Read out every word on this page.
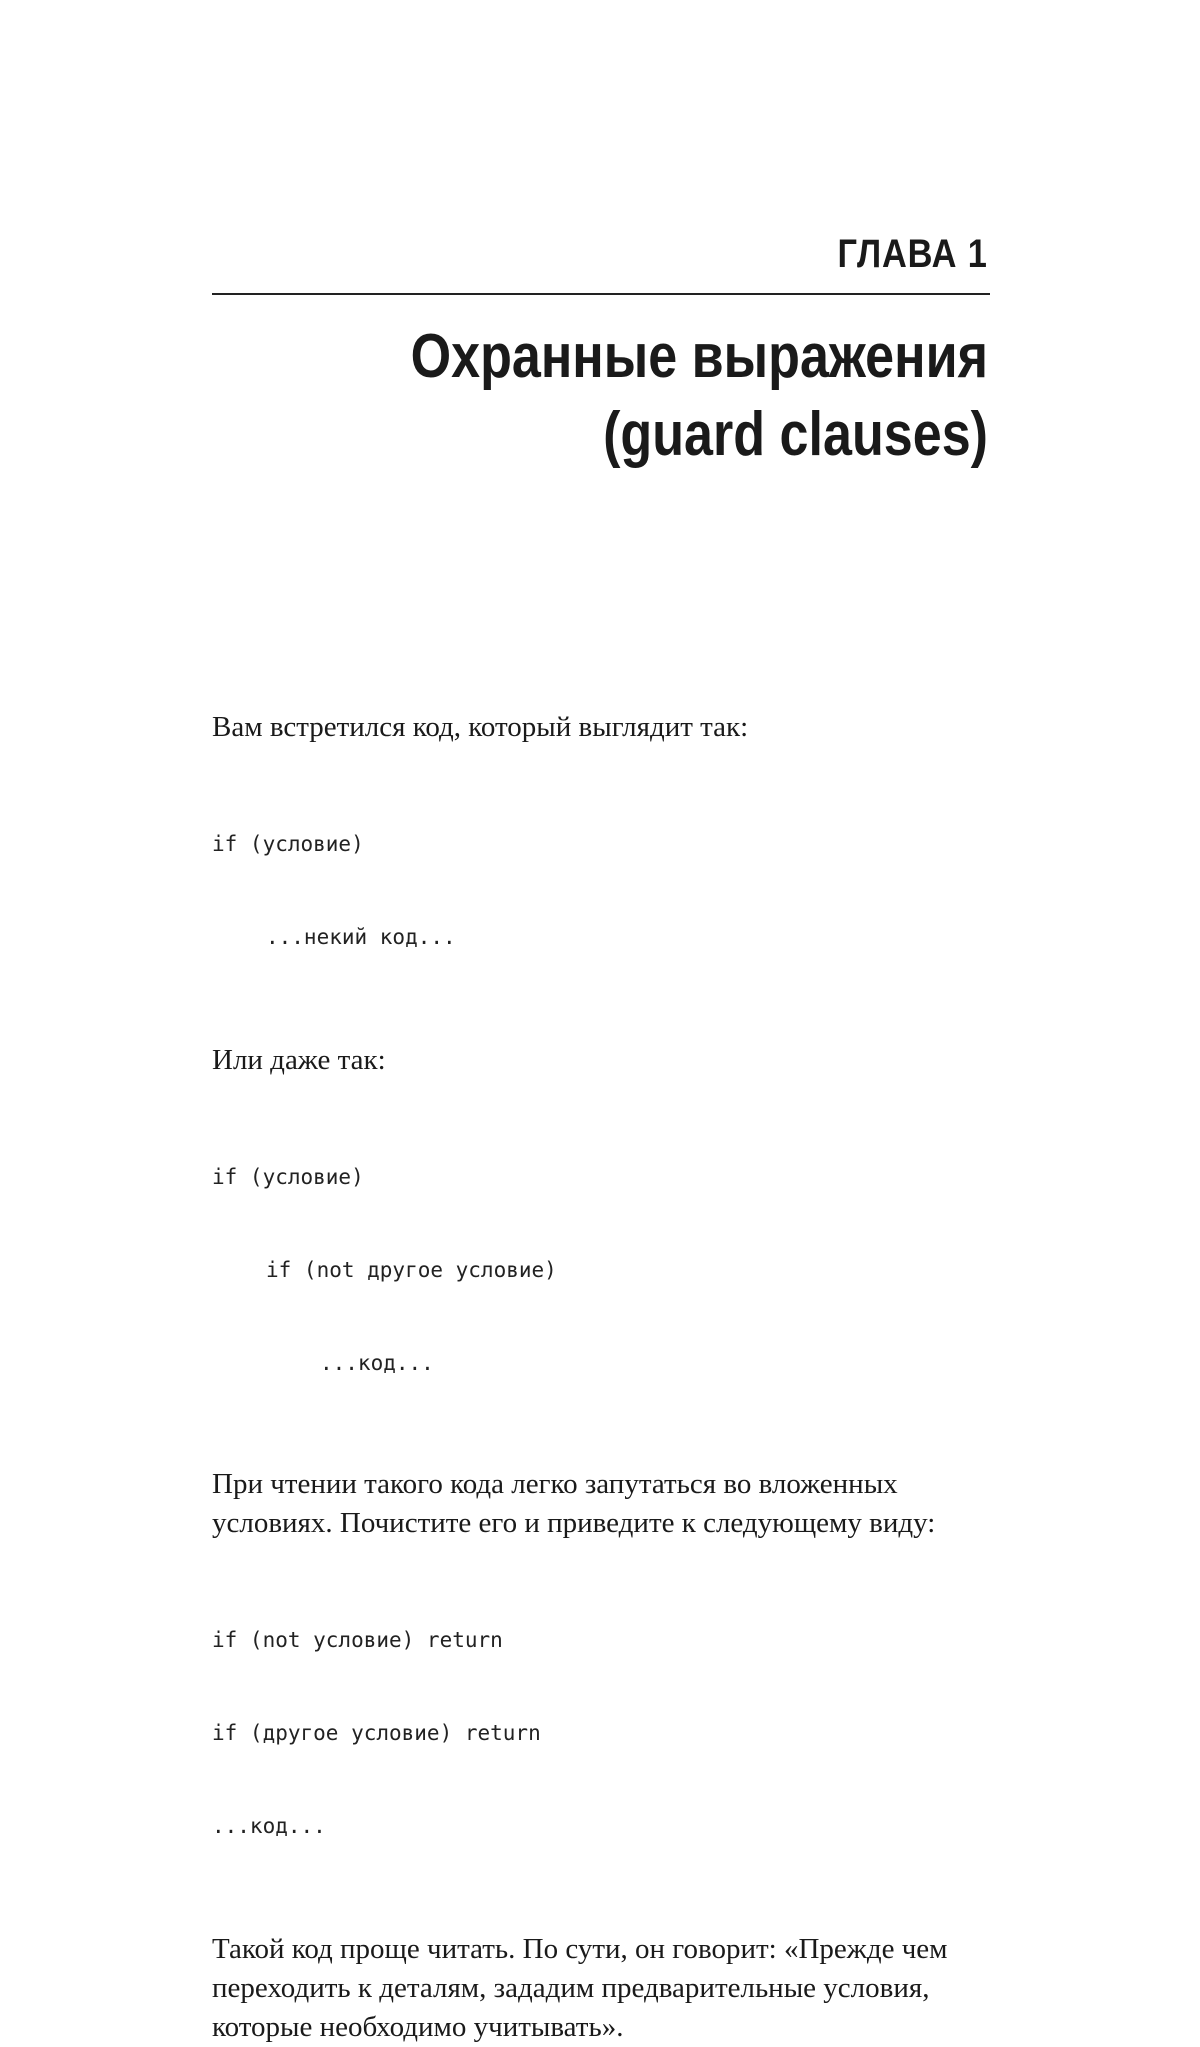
ГЛАВА 1
Охранные выражения
(guard clauses)

Вам встретился код, который выглядит так:

if (условие)

...некий код...

Или даже так:

if (условие)

if (not другое условие)

...код...

При чтении такого кода легко запутаться во вложенных
условиях. Почистите его и приведите к следующему виду:

if (not условие) return

if (другое условие) return

...код...

Такой код проще читать. По сути, он говорит: «Прежде чем
переходить к деталям, зададим предварительные условия,
которые необходимо учитывать».
